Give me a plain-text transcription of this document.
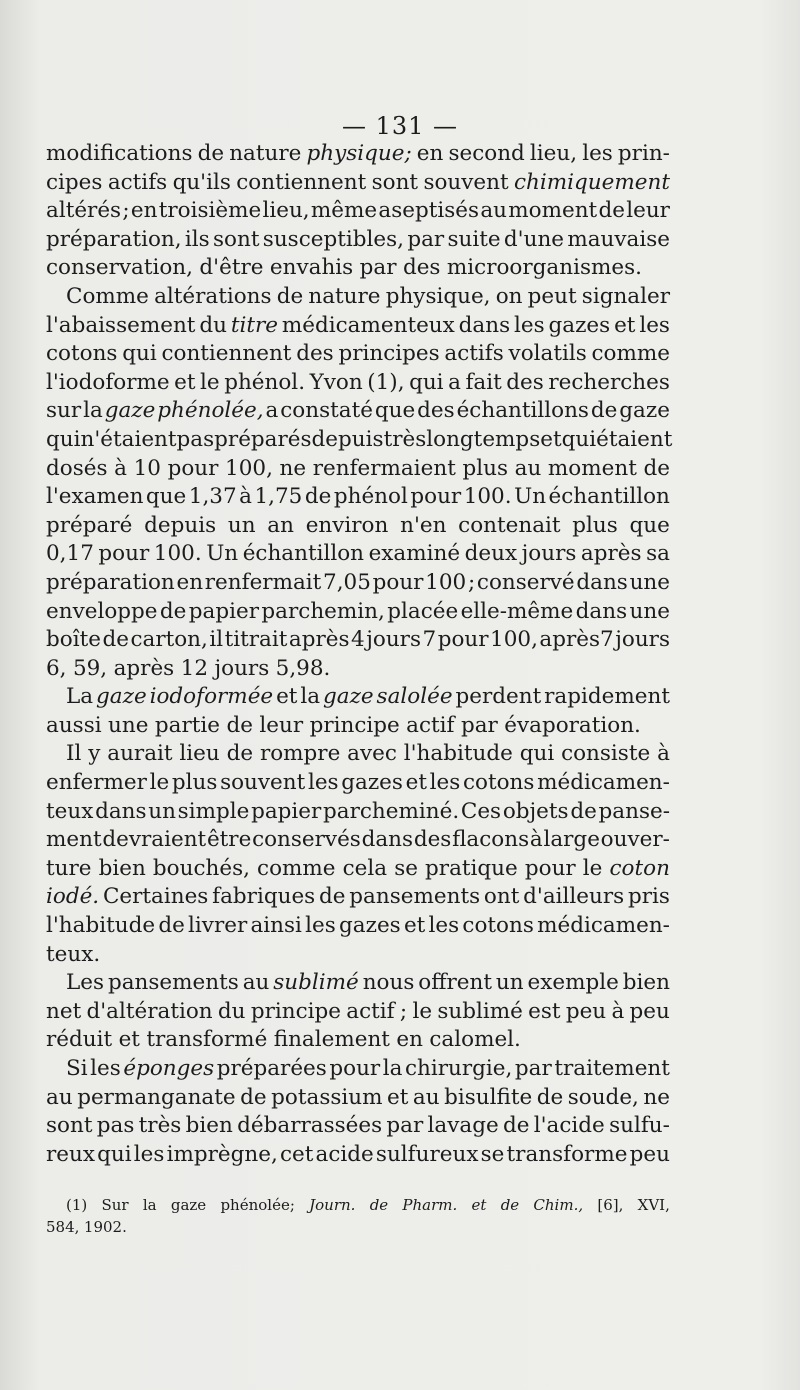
— 131 —
modifications de nature physique; en second lieu, les prin-
cipes actifs qu'ils contiennent sont souvent chimiquement
altérés ; en troisième lieu, même aseptisés au moment de leur
préparation, ils sont susceptibles, par suite d'une mauvaise
conservation, d'être envahis par des microorganismes.
Comme altérations de nature physique, on peut signaler
l'abaissement du titre médicamenteux dans les gazes et les
cotons qui contiennent des principes actifs volatils comme
l'iodoforme et le phénol. Yvon (1), qui a fait des recherches
sur la gaze phénolée, a constaté que des échantillons de gaze
qui n'étaient pas préparés depuis très longtemps et qui étaient
dosés à 10 pour 100, ne renfermaient plus au moment de
l'examen que 1,37 à 1,75 de phénol pour 100. Un échantillon
préparé depuis un an environ n'en contenait plus que
0,17 pour 100. Un échantillon examiné deux jours après sa
préparation en renfermait 7,05 pour 100 ; conservé dans une
enveloppe de papier parchemin, placée elle-même dans une
boîte de carton, il titrait après 4 jours 7 pour 100, après7 jours
6, 59, après 12 jours 5,98.
La gaze iodoformée et la gaze salolée perdent rapidement
aussi une partie de leur principe actif par évaporation.
Il y aurait lieu de rompre avec l'habitude qui consiste à
enfermer le plus souvent les gazes et les cotons médicamen-
teux dans un simple papier parcheminé. Ces objets de panse-
ment devraient être conservés dans des flacons à large ouver-
ture bien bouchés, comme cela se pratique pour le coton
iodé. Certaines fabriques de pansements ont d'ailleurs pris
l'habitude de livrer ainsi les gazes et les cotons médicamen-
teux.
Les pansements au sublimé nous offrent un exemple bien
net d'altération du principe actif ; le sublimé est peu à peu
réduit et transformé finalement en calomel.
Si les éponges préparées pour la chirurgie, par traitement
au permanganate de potassium et au bisulfite de soude, ne
sont pas très bien débarrassées par lavage de l'acide sulfu-
reux qui les imprègne, cet acide sulfureux se transforme peu
(1) Sur la gaze phénolée; Journ. de Pharm. et de Chim., [6], XVI,
584, 1902.
